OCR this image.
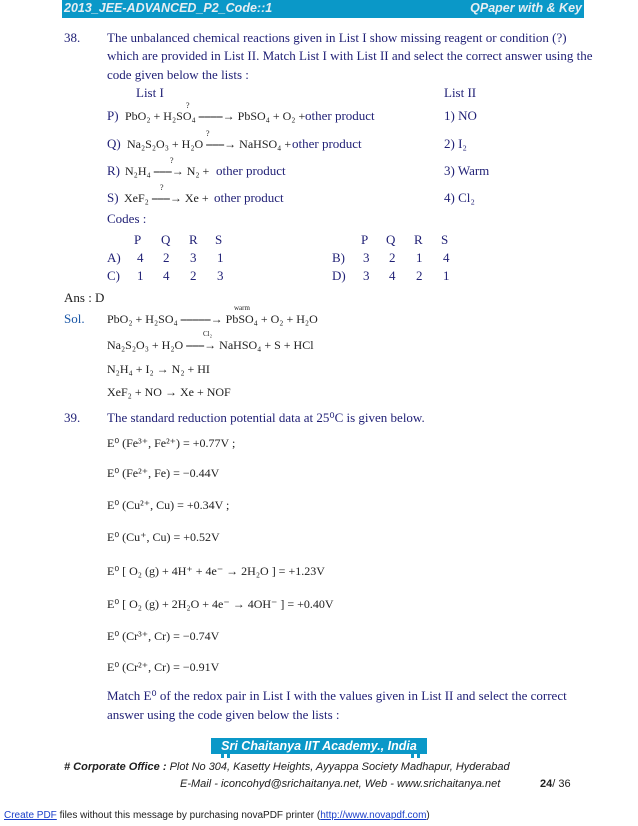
2013_JEE-ADVANCED_P2_Code::1	QPaper with & Key
38. The unbalanced chemical reactions given in List I show missing reagent or condition (?)
which are provided in List II. Match List I with List II and select the correct answer using the
code given below the lists :
List I	List II
P)
?
PbO₂ + H₂SO₄ ⎯⎯⎯⎯→ PbSO₄ + O₂ + other product	1) NO
Q)
?
Na₂S₂O₃ + H₂O ⎯⎯⎯→ NaHSO₄ + other product	2) I₂
R)
?
N₂H₄ ⎯⎯⎯→ N₂ + other product	3) Warm
S)
?
XeF₂ ⎯⎯⎯→ Xe + other product	4) Cl₂
Codes :
P Q R S	P Q R S
A) 4 2 3 1	B) 3 2 1 4
C) 1 4 2 3	D) 3 4 2 1
Ans : D
Sol.
warm
PbO₂ + H₂SO₄ ⎯⎯⎯⎯⎯→ PbSO₄ + O₂ + H₂O
Cl₂
Na₂S₂O₃ + H₂O ⎯⎯⎯→ NaHSO₄ + S + HCl
N₂H₄ + I₂ → N₂ + HI
XeF₂ + NO → Xe + NOF
39. The standard reduction potential data at 25⁰C is given below.
E⁰ (Fe³⁺, Fe²⁺) = +0.77V ;
E⁰ (Fe²⁺, Fe) = −0.44V
E⁰ (Cu²⁺, Cu) = +0.34V ;
E⁰ (Cu⁺, Cu) = +0.52V
E⁰ [ O₂ (g) + 4H⁺ + 4e⁻ → 2H₂O ] = +1.23V
E⁰ [ O₂ (g) + 2H₂O + 4e⁻ → 4OH⁻ ] = +0.40V
E⁰ (Cr³⁺, Cr) = −0.74V
E⁰ (Cr²⁺, Cr) = −0.91V
Match E⁰ of the redox pair in List I with the values given in List II and select the correct
answer using the code given below the lists :
Sri Chaitanya IIT Academy., India
# Corporate Office : Plot No 304, Kasetty Heights, Ayyappa Society Madhapur, Hyderabad
E-Mail - iconcohyd@srichaitanya.net, Web - www.srichaitanya.net	24/ 36
Create PDF files without this message by purchasing novaPDF printer (http://www.novapdf.com)
